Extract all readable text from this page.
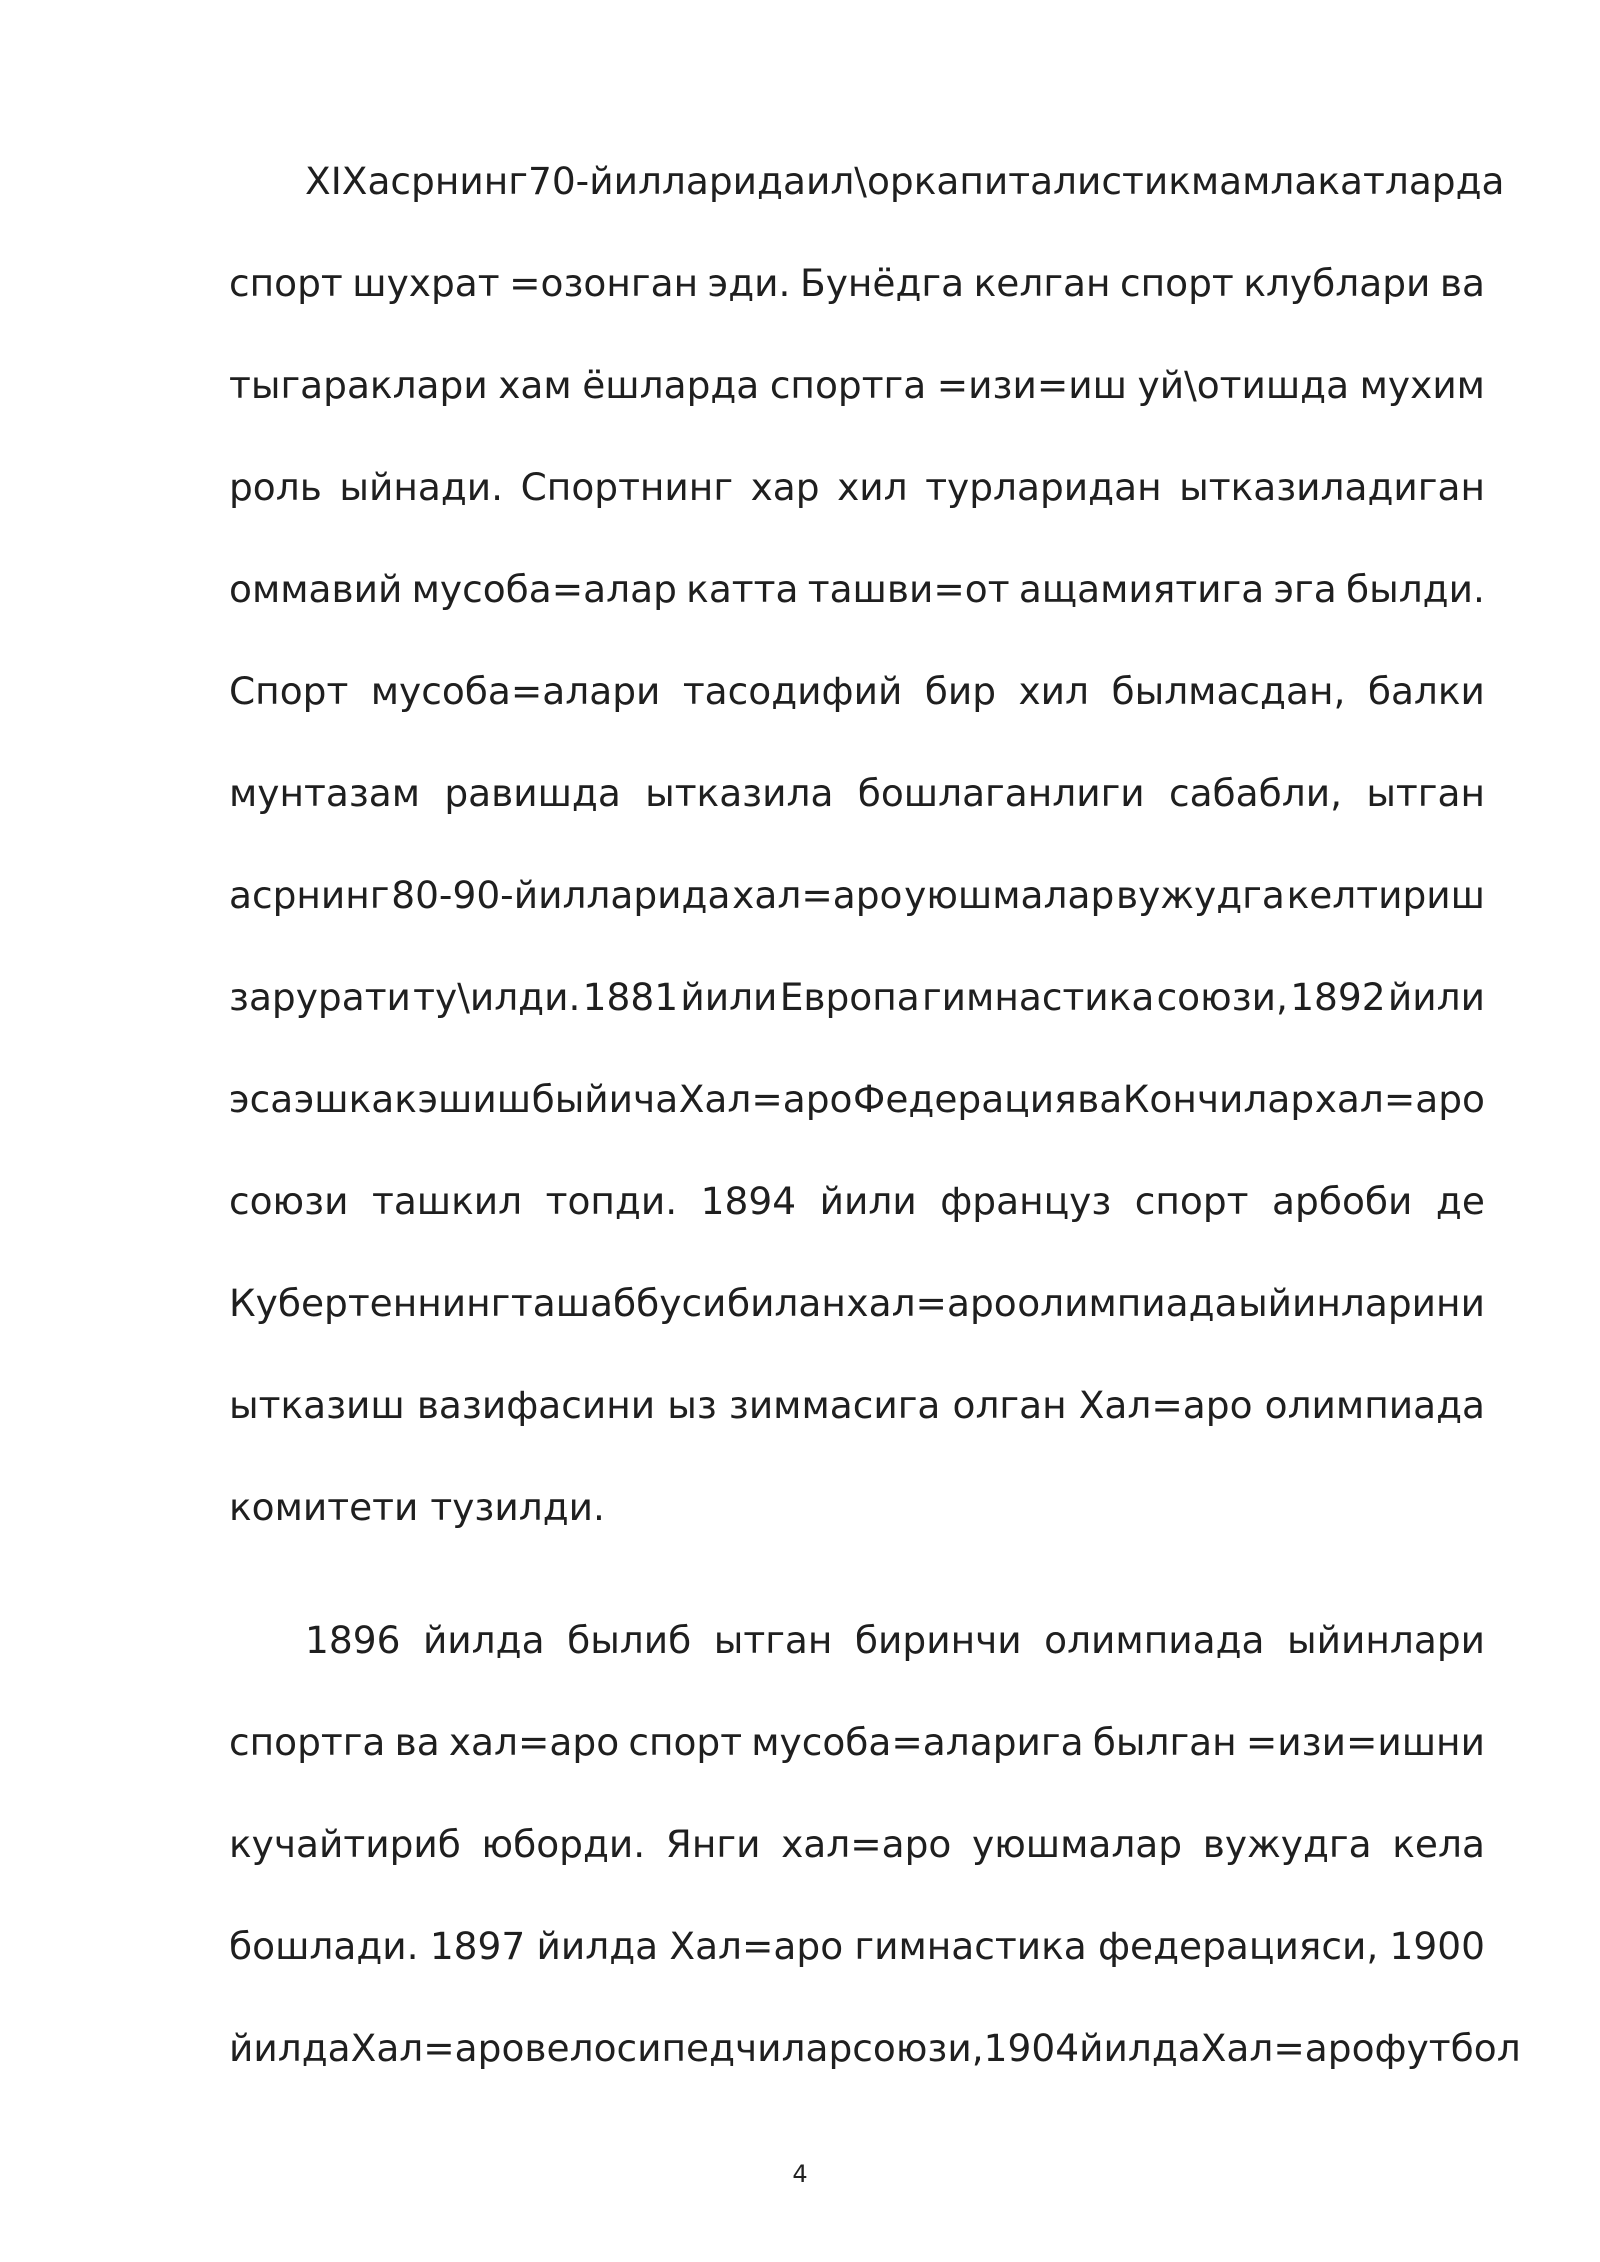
XIX асрнинг 70-йилларида ил\ор капиталистик мамлакатларда
спорт шухрат =озонган эди. Бунёдга келган спорт клублари ва
тыгараклари хам ёшларда спортга =изи=иш уй\отишда мухим
роль ыйнади. Спортнинг хар хил турларидан ытказиладиган
оммавий мусоба=алар катта ташви=от ащамиятига эга былди.
Спорт мусоба=алари тасодифий бир хил былмасдан, балки
мунтазам равишда ытказила бошлаганлиги сабабли, ытган
асрнинг 80-90-йилларида хал=аро уюшмалар вужудга келтириш
зарурати ту\илди. 1881 йили Европа гимнастика союзи, 1892 йили
эса эшкак эшиш быйича Хал=аро Федерация ва Кончилар хал=аро
союзи ташкил топди. 1894 йили француз спорт арбоби де
Кубертеннинг ташаббуси билан хал=аро олимпиада ыйинларини
ытказиш вазифасини ыз зиммасига олган Хал=аро олимпиада
комитети тузилди.
1896 йилда былиб ытган биринчи олимпиада ыйинлари
спортга ва хал=аро спорт мусоба=аларига былган =изи=ишни
кучайтириб юборди. Янги хал=аро уюшмалар вужудга кела
бошлади. 1897 йилда Хал=аро гимнастика федерацияси, 1900
йилда Хал=аро велосипедчилар союзи, 1904 йилда Хал=аро футбол
4
